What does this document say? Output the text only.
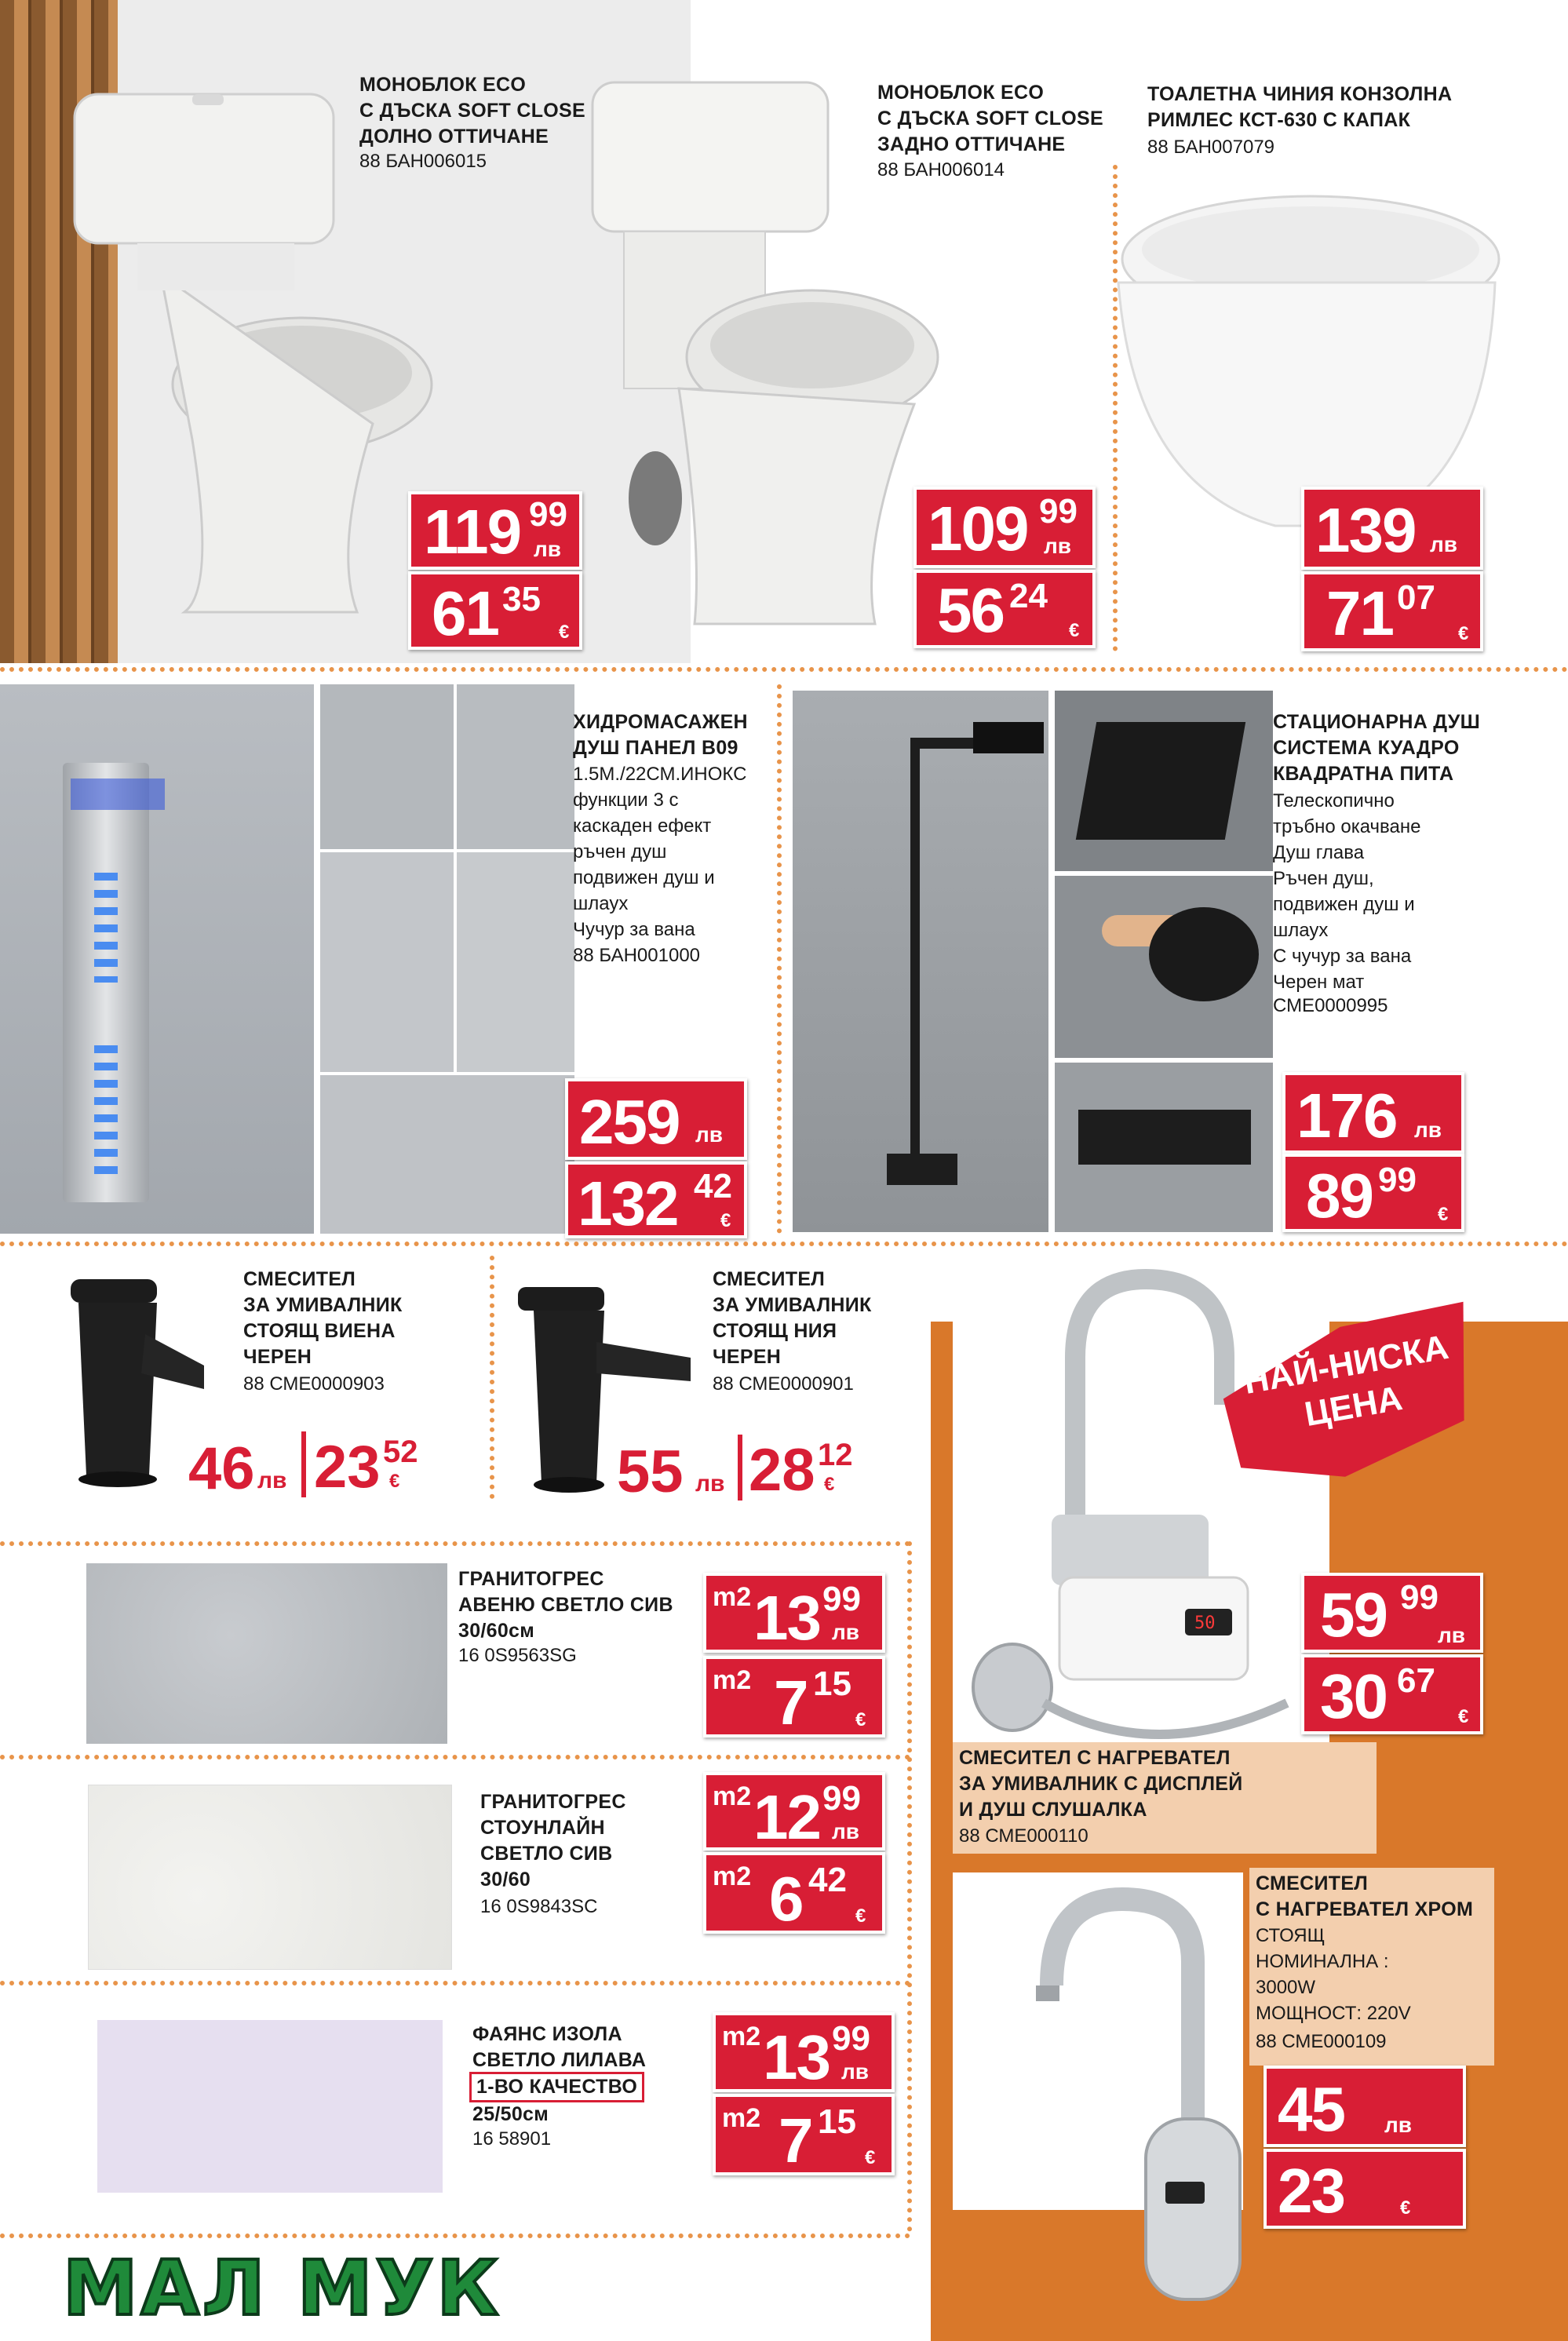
МОНОБЛОК ECO
С ДЪСКА SOFT CLOSE
ДОЛНО ОТТИЧАНЕ
88 БАН006015
МОНОБЛОК ECO
С ДЪСКА SOFT CLOSE
ЗАДНО ОТТИЧАНЕ
88 БАН006014
ТОАЛЕТНА ЧИНИЯ КОНЗОЛНА
РИМЛЕС КСТ-630 С КАПАК
88 БАН007079
119 99
лв
61 35
€
109 99
лв
56 24
€
139 лв
71 07
€
ХИДРОМАСАЖЕН
ДУШ ПАНЕЛ В09
1.5М./22СМ.ИНОКС
функции 3 с
каскаден ефект
ръчен душ
подвижен душ и
шлаух
Чучур за вана
88 БАН001000
259 лв
132 42
€
СТАЦИОНАРНА ДУШ
СИСТЕМА КУАДРО
КВАДРАТНА ПИТА
Телескопично
тръбно окачване
Душ глава
Ръчен душ,
подвижен душ и
шлаух
С чучур за вана
Черен мат
СМЕ0000995
176 лв
89 99
€
50
НАЙ-НИСКА
ЦЕНА
59 99
лв
30 67
€
СМЕСИТЕЛ С НАГРЕВАТЕЛ
ЗА УМИВАЛНИК С ДИСПЛЕЙ
И ДУШ СЛУШАЛКА
88 СМЕ000110
СМЕСИТЕЛ
С НАГРЕВАТЕЛ ХРОМ
СТОЯЩ
НОМИНАЛНА :
3000W
МОЩНОСТ: 220V
88 СМЕ000109
45 лв
23	€
СМЕСИТЕЛ
ЗА УМИВАЛНИК
СТОЯЩ ВИЕНА
ЧЕРЕН
88 СМЕ0000903
46 лв 23 52
€
СМЕСИТЕЛ
ЗА УМИВАЛНИК
СТОЯЩ НИЯ
ЧЕРЕН
88 СМЕ0000901
55 лв 28 12
€
ГРАНИТОГРЕС
АВЕНЮ СВЕТЛО СИВ
30/60см
16 0S9563SG
m2 13 99
лв
m2 7 15
€
ГРАНИТОГРЕС
СТОУНЛАЙН
СВЕТЛО СИВ
30/60
16 0S9843SC
m2 12 99
лв
m2 6 42
€
ФАЯНС ИЗОЛА
СВЕТЛО ЛИЛАВА
1-ВО КАЧЕСТВО
25/50см
16 58901
m2 13 99
лв
m2 7 15
€
МАЛ МУК
